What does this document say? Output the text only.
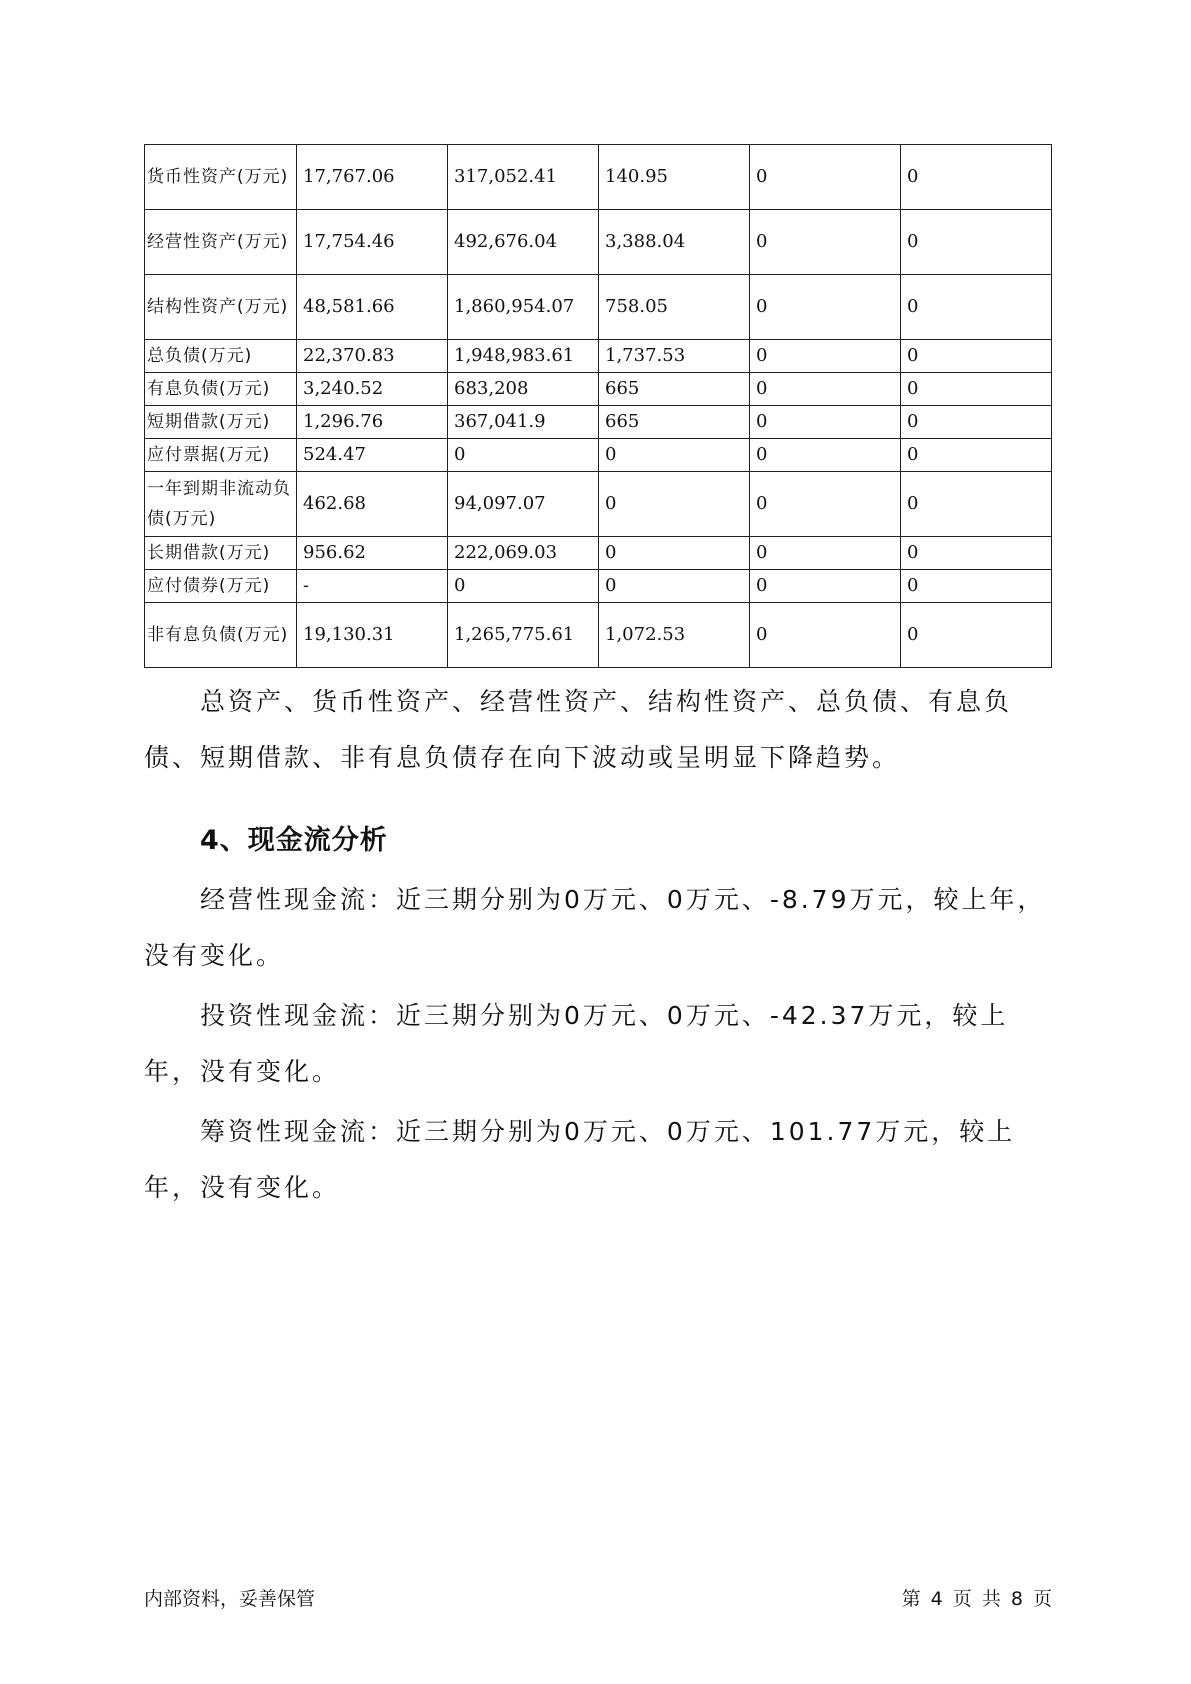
货币性资产(万元)	17,767.06	317,052.41	140.95	0	0
经营性资产(万元)	17,754.46	492,676.04	3,388.04	0	0
结构性资产(万元)	48,581.66	1,860,954.07	758.05	0	0
总负债(万元)	22,370.83	1,948,983.61	1,737.53	0	0
有息负债(万元)	3,240.52	683,208	665	0	0
短期借款(万元)	1,296.76	367,041.9	665	0	0
应付票据(万元)	524.47	0	0	0	0
一年到期非流动负债(万元)	462.68	94,097.07	0	0	0
长期借款(万元)	956.62	222,069.03	0	0	0
应付债券(万元)	-	0	0	0	0
非有息负债(万元)	19,130.31	1,265,775.61	1,072.53	0	0

总资产、货币性资产、经营性资产、结构性资产、总负债、有息负债、短期借款、非有息负债存在向下波动或呈明显下降趋势。

4、现金流分析

经营性现金流：近三期分别为0万元、0万元、-8.79万元，较上年，没有变化。

投资性现金流：近三期分别为0万元、0万元、-42.37万元，较上年，没有变化。

筹资性现金流：近三期分别为0万元、0万元、101.77万元，较上年，没有变化。

内部资料，妥善保管	第 4 页 共 8 页
